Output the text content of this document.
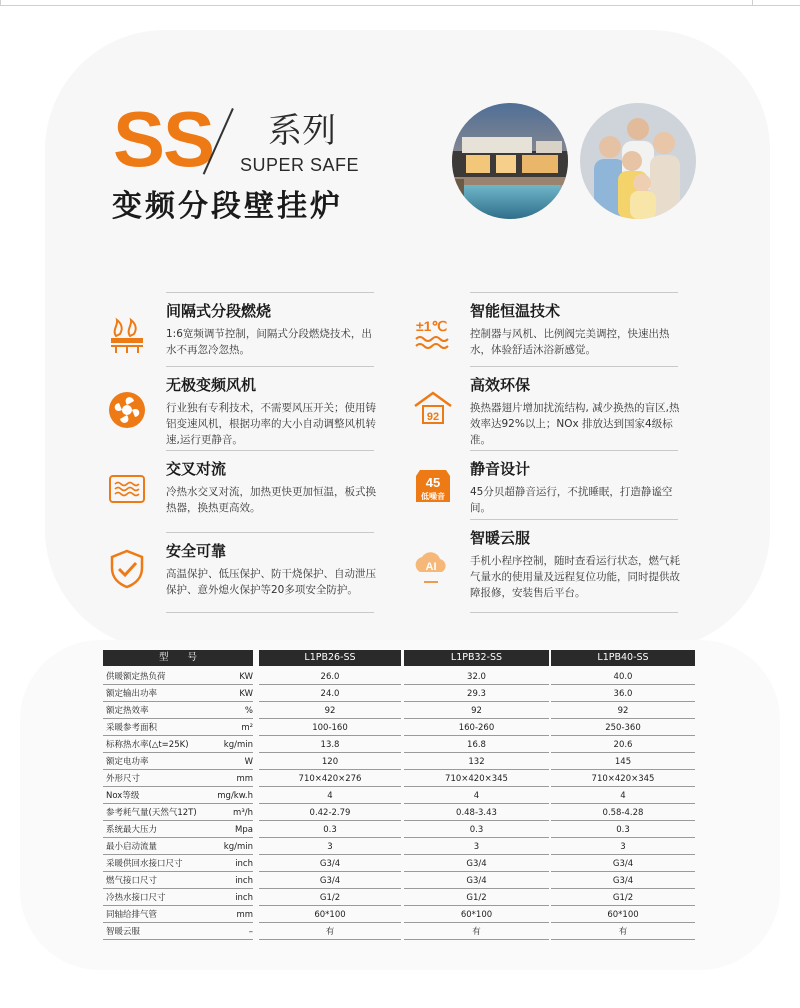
SS 系列
SUPER SAFE
变频分段壁挂炉
±1℃
92
45
低噪音
AI
间隔式分段燃烧
1:6宽频调节控制，间隔式分段燃烧技术，出水不再忽冷忽热。
智能恒温技术
控制器与风机、比例阀完美调控，快速出热水，体验舒适沐浴新感觉。
无极变频风机
行业独有专利技术，不需要风压开关；使用铸铝变速风机，根据功率的大小自动调整风机转速,运行更静音。
高效环保
换热器翅片增加扰流结构, 减少换热的盲区,热效率达92%以上；NOx 排放达到国家4级标准。
交叉对流
冷热水交叉对流，加热更快更加恒温，板式换热器，换热更高效。
静音设计
45分贝超静音运行，不扰睡眠，打造静谧空间。
安全可靠
高温保护、低压保护、防干烧保护、自动泄压保护、意外熄火保护等20多项安全防护。
智暖云服
手机小程序控制，随时查看运行状态，燃气耗气量水的使用量及远程复位功能，同时提供故障报修，安装售后平台。
型　　号	L1PB26-SS	L1PB32-SS	L1PB40-SS
供暖额定热负荷	KW	26.0	32.0	40.0
额定输出功率	KW	24.0	29.3	36.0
额定热效率	%	92	92	92
采暖参考面积	m²	100-160	160-260	250-360
标称热水率(△t=25K)	kg/min	13.8	16.8	20.6
额定电功率	W	120	132	145
外形尺寸	mm	710×420×276	710×420×345	710×420×345
Nox等级	mg/kw.h	4	4	4
参考耗气量(天然气12T)	m³/h	0.42-2.79	0.48-3.43	0.58-4.28
系统最大压力	Mpa	0.3	0.3	0.3
最小启动流量	kg/min	3	3	3
采暖供回水接口尺寸	inch	G3/4	G3/4	G3/4
燃气接口尺寸	inch	G3/4	G3/4	G3/4
冷热水接口尺寸	inch	G1/2	G1/2	G1/2
同轴给排气管	mm	60*100	60*100	60*100
智暖云服	–	有	有	有
